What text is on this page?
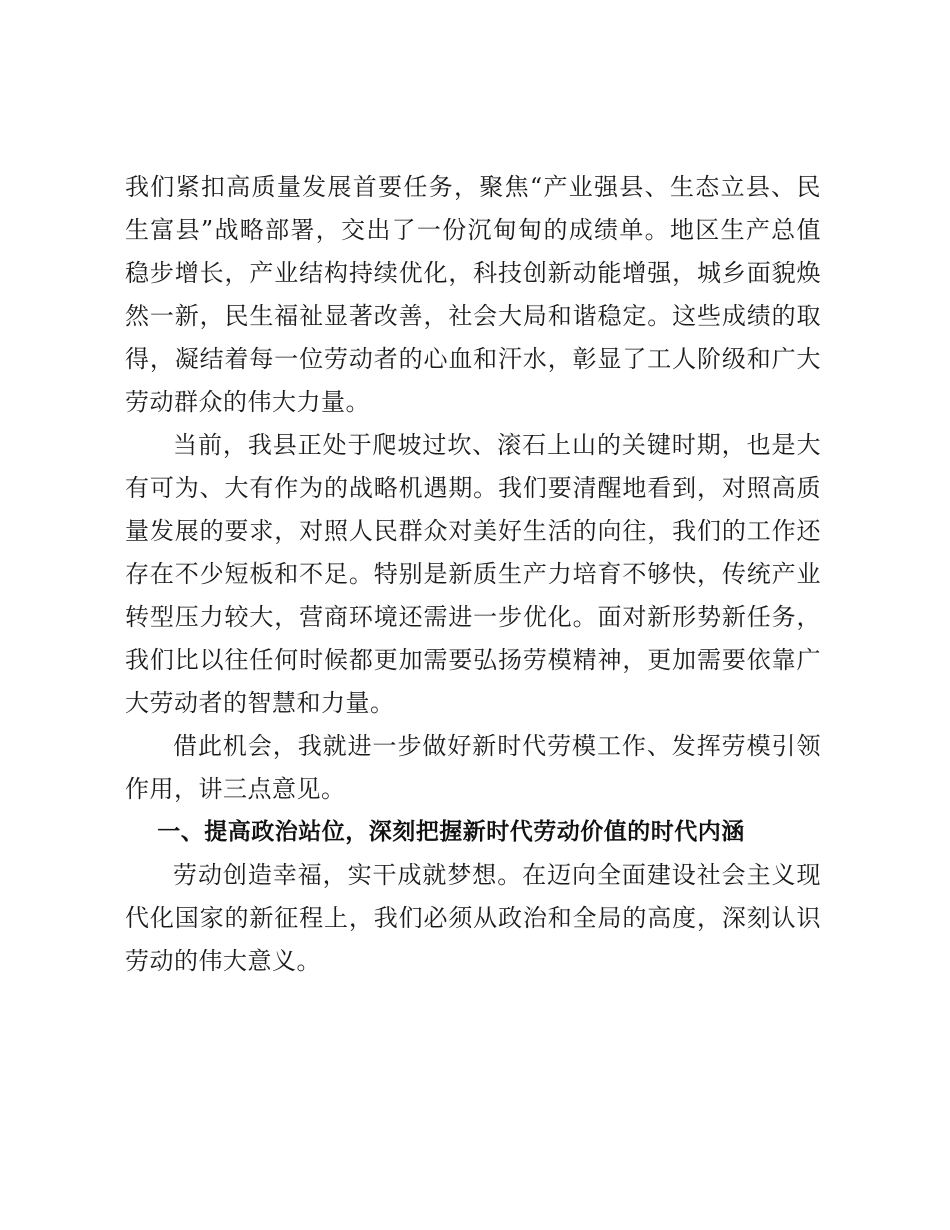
我们紧扣高质量发展首要任务，聚焦“产业强县、生态立县、民生富县”战略部署，交出了一份沉甸甸的成绩单。地区生产总值稳步增长，产业结构持续优化，科技创新动能增强，城乡面貌焕然一新，民生福祉显著改善，社会大局和谐稳定。这些成绩的取得，凝结着每一位劳动者的心血和汗水，彰显了工人阶级和广大劳动群众的伟大力量。

当前，我县正处于爬坡过坎、滚石上山的关键时期，也是大有可为、大有作为的战略机遇期。我们要清醒地看到，对照高质量发展的要求，对照人民群众对美好生活的向往，我们的工作还存在不少短板和不足。特别是新质生产力培育不够快，传统产业转型压力较大，营商环境还需进一步优化。面对新形势新任务，我们比以往任何时候都更加需要弘扬劳模精神，更加需要依靠广大劳动者的智慧和力量。

借此机会，我就进一步做好新时代劳模工作、发挥劳模引领作用，讲三点意见。

一、提高政治站位，深刻把握新时代劳动价值的时代内涵

劳动创造幸福，实干成就梦想。在迈向全面建设社会主义现代化国家的新征程上，我们必须从政治和全局的高度，深刻认识劳动的伟大意义。
